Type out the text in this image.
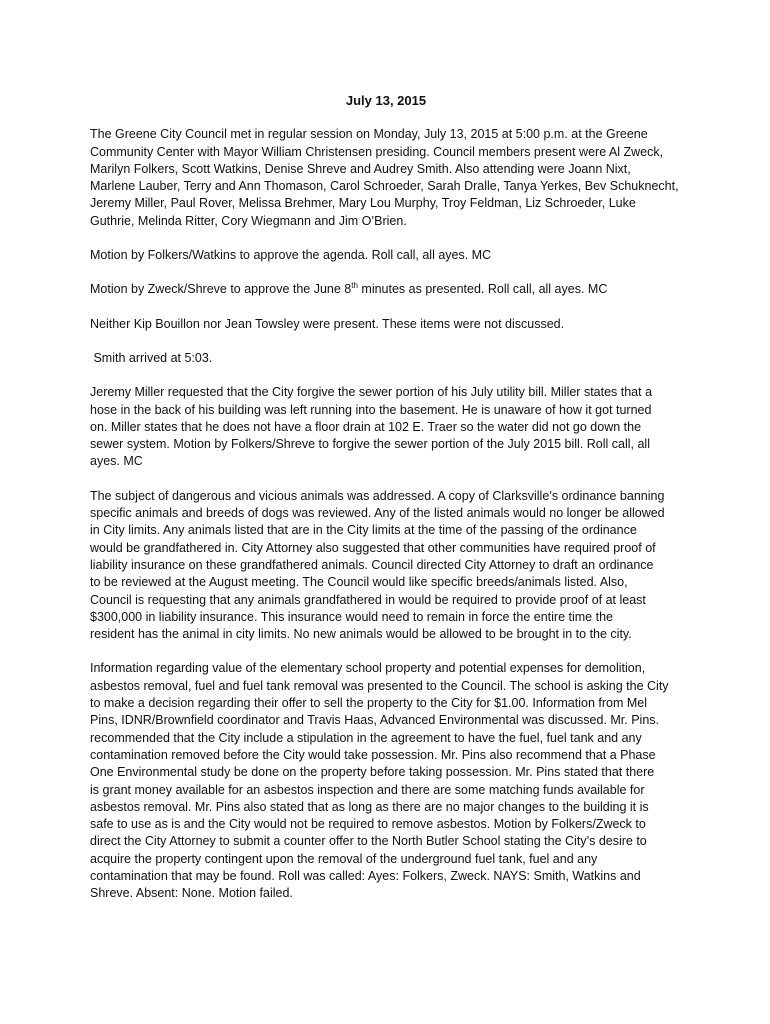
July 13, 2015
The Greene City Council met in regular session on Monday, July 13, 2015 at 5:00 p.m. at the Greene
Community Center with Mayor William Christensen presiding. Council members present were Al Zweck,
Marilyn Folkers, Scott Watkins, Denise Shreve and Audrey Smith. Also attending were Joann Nixt,
Marlene Lauber, Terry and Ann Thomason, Carol Schroeder, Sarah Dralle, Tanya Yerkes, Bev Schuknecht,
Jeremy Miller, Paul Rover, Melissa Brehmer, Mary Lou Murphy, Troy Feldman, Liz Schroeder, Luke
Guthrie, Melinda Ritter, Cory Wiegmann and Jim O’Brien.
Motion by Folkers/Watkins to approve the agenda. Roll call, all ayes. MC
Motion by Zweck/Shreve to approve the June 8th minutes as presented. Roll call, all ayes. MC
Neither Kip Bouillon nor Jean Towsley were present. These items were not discussed.
Smith arrived at 5:03.
Jeremy Miller requested that the City forgive the sewer portion of his July utility bill. Miller states that a
hose in the back of his building was left running into the basement. He is unaware of how it got turned
on. Miller states that he does not have a floor drain at 102 E. Traer so the water did not go down the
sewer system. Motion by Folkers/Shreve to forgive the sewer portion of the July 2015 bill. Roll call, all
ayes. MC
The subject of dangerous and vicious animals was addressed. A copy of Clarksville’s ordinance banning
specific animals and breeds of dogs was reviewed. Any of the listed animals would no longer be allowed
in City limits. Any animals listed that are in the City limits at the time of the passing of the ordinance
would be grandfathered in. City Attorney also suggested that other communities have required proof of
liability insurance on these grandfathered animals. Council directed City Attorney to draft an ordinance
to be reviewed at the August meeting. The Council would like specific breeds/animals listed. Also,
Council is requesting that any animals grandfathered in would be required to provide proof of at least
$300,000 in liability insurance. This insurance would need to remain in force the entire time the
resident has the animal in city limits. No new animals would be allowed to be brought in to the city.
Information regarding value of the elementary school property and potential expenses for demolition,
asbestos removal, fuel and fuel tank removal was presented to the Council. The school is asking the City
to make a decision regarding their offer to sell the property to the City for $1.00. Information from Mel
Pins, IDNR/Brownfield coordinator and Travis Haas, Advanced Environmental was discussed. Mr. Pins.
recommended that the City include a stipulation in the agreement to have the fuel, fuel tank and any
contamination removed before the City would take possession. Mr. Pins also recommend that a Phase
One Environmental study be done on the property before taking possession. Mr. Pins stated that there
is grant money available for an asbestos inspection and there are some matching funds available for
asbestos removal. Mr. Pins also stated that as long as there are no major changes to the building it is
safe to use as is and the City would not be required to remove asbestos. Motion by Folkers/Zweck to
direct the City Attorney to submit a counter offer to the North Butler School stating the City’s desire to
acquire the property contingent upon the removal of the underground fuel tank, fuel and any
contamination that may be found. Roll was called: Ayes: Folkers, Zweck. NAYS: Smith, Watkins and
Shreve. Absent: None. Motion failed.
